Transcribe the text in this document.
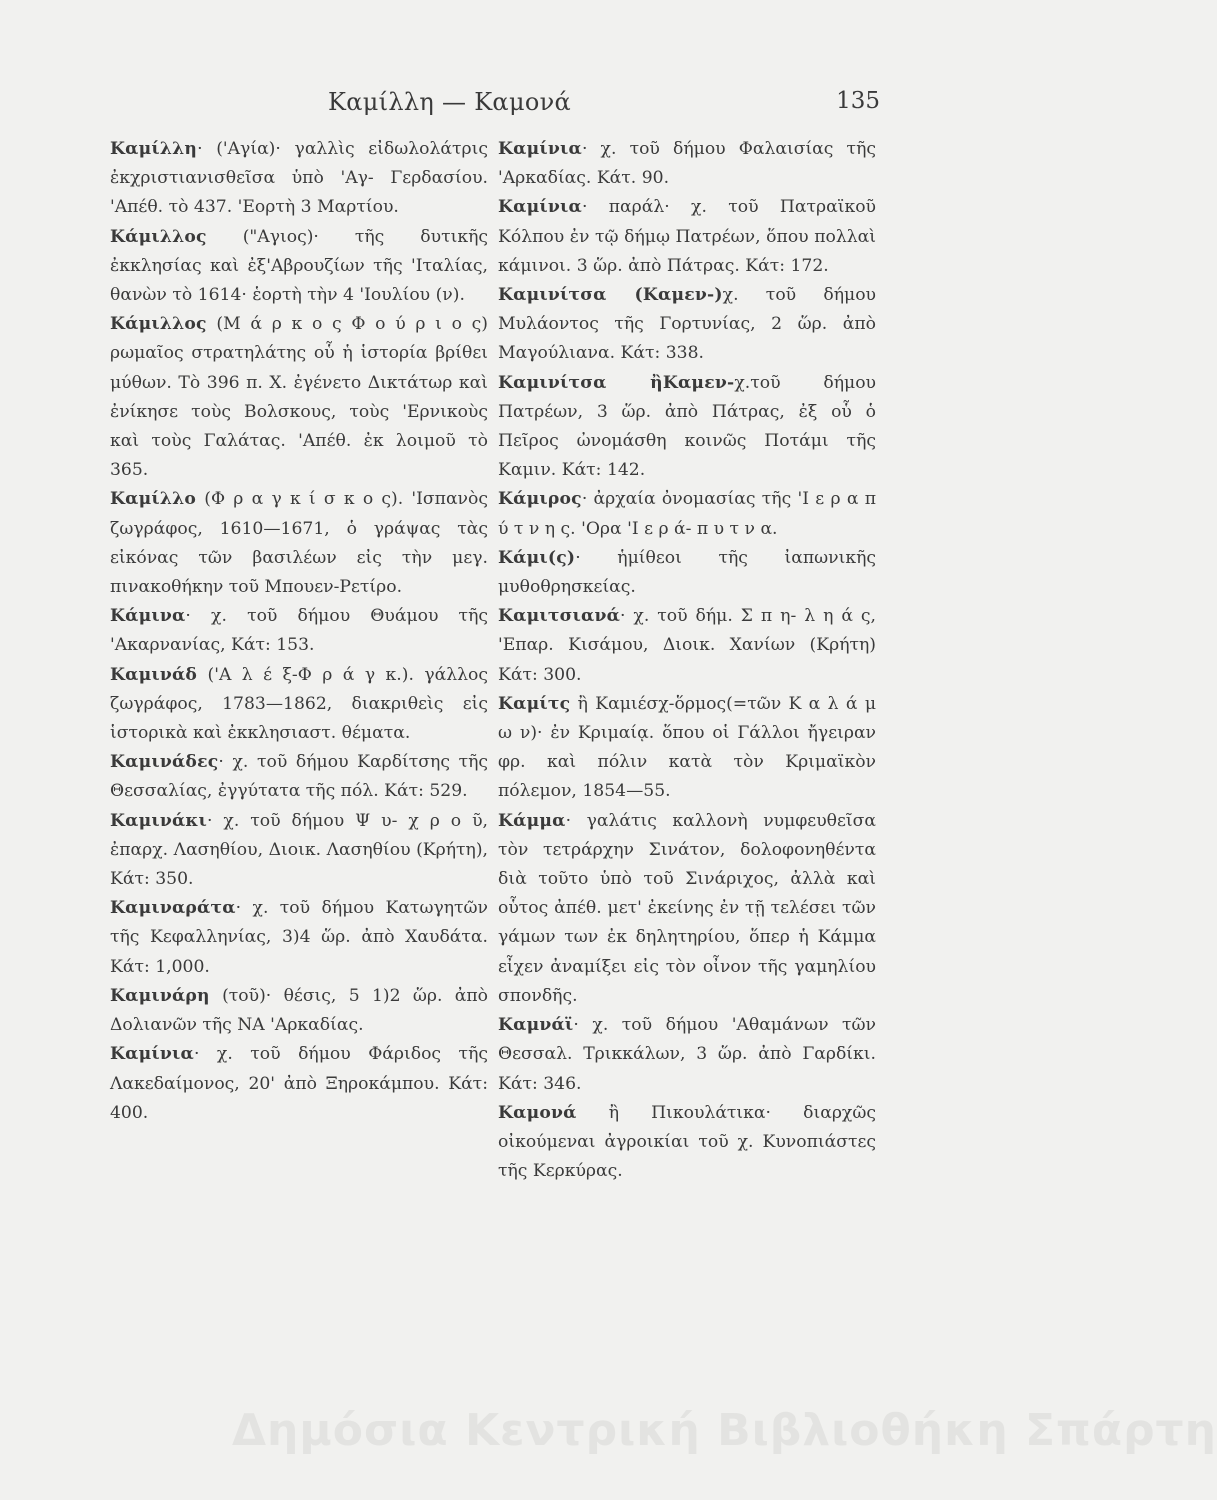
Καμίλλη — Καμονά	135

Καμίλλη· ('Αγία)· γαλλὶς εἰδωλολάτρις ἐκχριστιανισθεῖσα ὑπὸ 'Αγ- Γερδασίου. 'Απέθ. τὸ 437. 'Εορτὴ 3 Μαρτίου.

Κάμιλλος ("Αγιος)· τῆς δυτικῆς ἐκκλησίας καὶ ἐξ'Αβρουζίων τῆς 'Ιταλίας, θανὼν τὸ 1614· ἑορτὴ τὴν 4 'Ιουλίου (ν).

Κάμιλλος (Μ ά ρ κ ο ς Φ ο ύ ρ ι ο ς) ρωμαῖος στρατηλάτης οὗ ἡ ἱστορία βρίθει μύθων. Τὸ 396 π. Χ. ἐγένετο Δικτάτωρ καὶ ἐνίκησε τοὺς Βολσκους, τοὺς 'Ερνικοὺς καὶ τοὺς Γαλάτας. 'Απέθ. ἐκ λοιμοῦ τὸ 365.

Καμίλλο (Φ ρ α γ κ ί σ κ ο ς). 'Ισπανὸς ζωγράφος, 1610—1671, ὁ γράψας τὰς εἰκόνας τῶν βασιλέων εἰς τὴν μεγ. πινακοθήκην τοῦ Μπουεν-Ρετίρο.

Κάμινα· χ. τοῦ δήμου Θυάμου τῆς 'Ακαρνανίας, Κάτ: 153.

Καμινάδ ('Α λ έ ξ-Φ ρ ά γ κ.). γάλλος ζωγράφος, 1783—1862, διακριθεὶς εἰς ἱστορικὰ καὶ ἐκκλησιαστ. θέματα.

Καμινάδες· χ. τοῦ δήμου Καρδίτσης τῆς Θεσσαλίας, ἐγγύτατα τῆς πόλ. Κάτ: 529.

Καμινάκι· χ. τοῦ δήμου Ψ υ- χ ρ ο ῦ, ἐπαρχ. Λασηθίου, Διοικ. Λασηθίου (Κρήτη), Κάτ: 350.

Καμιναράτα· χ. τοῦ δήμου Κατωγητῶν τῆς Κεφαλληνίας, 3)4 ὥρ. ἀπὸ Χαυδάτα. Κάτ: 1,000.

Καμινάρη (τοῦ)· θέσις, 5 1)2 ὥρ. ἀπὸ Δολιανῶν τῆς ΝΑ 'Αρκαδίας.

Καμίνια· χ. τοῦ δήμου Φάριδος τῆς Λακεδαίμονος, 20' ἀπὸ Ξηροκάμπου. Κάτ: 400.

Καμίνια· χ. τοῦ δήμου Φαλαισίας τῆς 'Αρκαδίας. Κάτ. 90.

Καμίνια· παράλ· χ. τοῦ Πατραϊκοῦ Κόλπου ἐν τῷ δήμῳ Πατρέων, ὅπου πολλαὶ κάμινοι. 3 ὥρ. ἀπὸ Πάτρας. Κάτ: 172.

Καμινίτσα (Καμεν-)χ. τοῦ δήμου Μυλάοντος τῆς Γορτυνίας, 2 ὥρ. ἀπὸ Μαγούλιανα. Κάτ: 338.

Καμινίτσα ἢΚαμεν-χ.τοῦ δήμου Πατρέων, 3 ὥρ. ἀπὸ Πάτρας, ἐξ οὗ ὁ Πεῖρος ὠνομάσθη κοινῶς Ποτάμι τῆς Καμιν. Κάτ: 142.

Κάμιρος· ἀρχαία ὀνομασίας τῆς 'Ι ε ρ α π ύ τ ν η ς. 'Ορα 'Ι ε ρ ά- π υ τ ν α.

Κάμι(ς)· ἡμίθεοι τῆς ἰαπωνικῆς μυθοθρησκείας.

Καμιτσιανά· χ. τοῦ δήμ. Σ π η- λ η ά ς, 'Επαρ. Κισάμου, Διοικ. Χανίων (Κρήτη) Κάτ: 300.

Καμίτς ἢ Καμιέσχ-ὅρμος(=τῶν Κ α λ ά μ ω ν)· ἐν Κριμαίᾳ. ὅπου οἱ Γάλλοι ἤγειραν φρ. καὶ πόλιν κατὰ τὸν Κριμαϊκὸν πόλεμον, 1854—55.

Κάμμα· γαλάτις καλλονὴ νυμφευθεῖσα τὸν τετράρχην Σινάτον, δολοφονηθέντα διὰ τοῦτο ὑπὸ τοῦ Σινάριχος, ἀλλὰ καὶ οὗτος ἀπέθ. μετ' ἐκείνης ἐν τῇ τελέσει τῶν γάμων των ἐκ δηλητηρίου, ὅπερ ἡ Κάμμα εἶχεν ἀναμίξει εἰς τὸν οἶνον τῆς γαμηλίου σπονδῆς.

Καμνάϊ· χ. τοῦ δήμου 'Αθαμάνων τῶν Θεσσαλ. Τρικκάλων, 3 ὥρ. ἀπὸ Γαρδίκι. Κάτ: 346.

Καμονά ἢ Πικουλάτικα· διαρχῶς οἰκούμεναι ἀγροικίαι τοῦ χ. Κυνοπιάστες τῆς Κερκύρας.

Δημόσια Κεντρική Βιβλιοθήκη Σπάρτη
